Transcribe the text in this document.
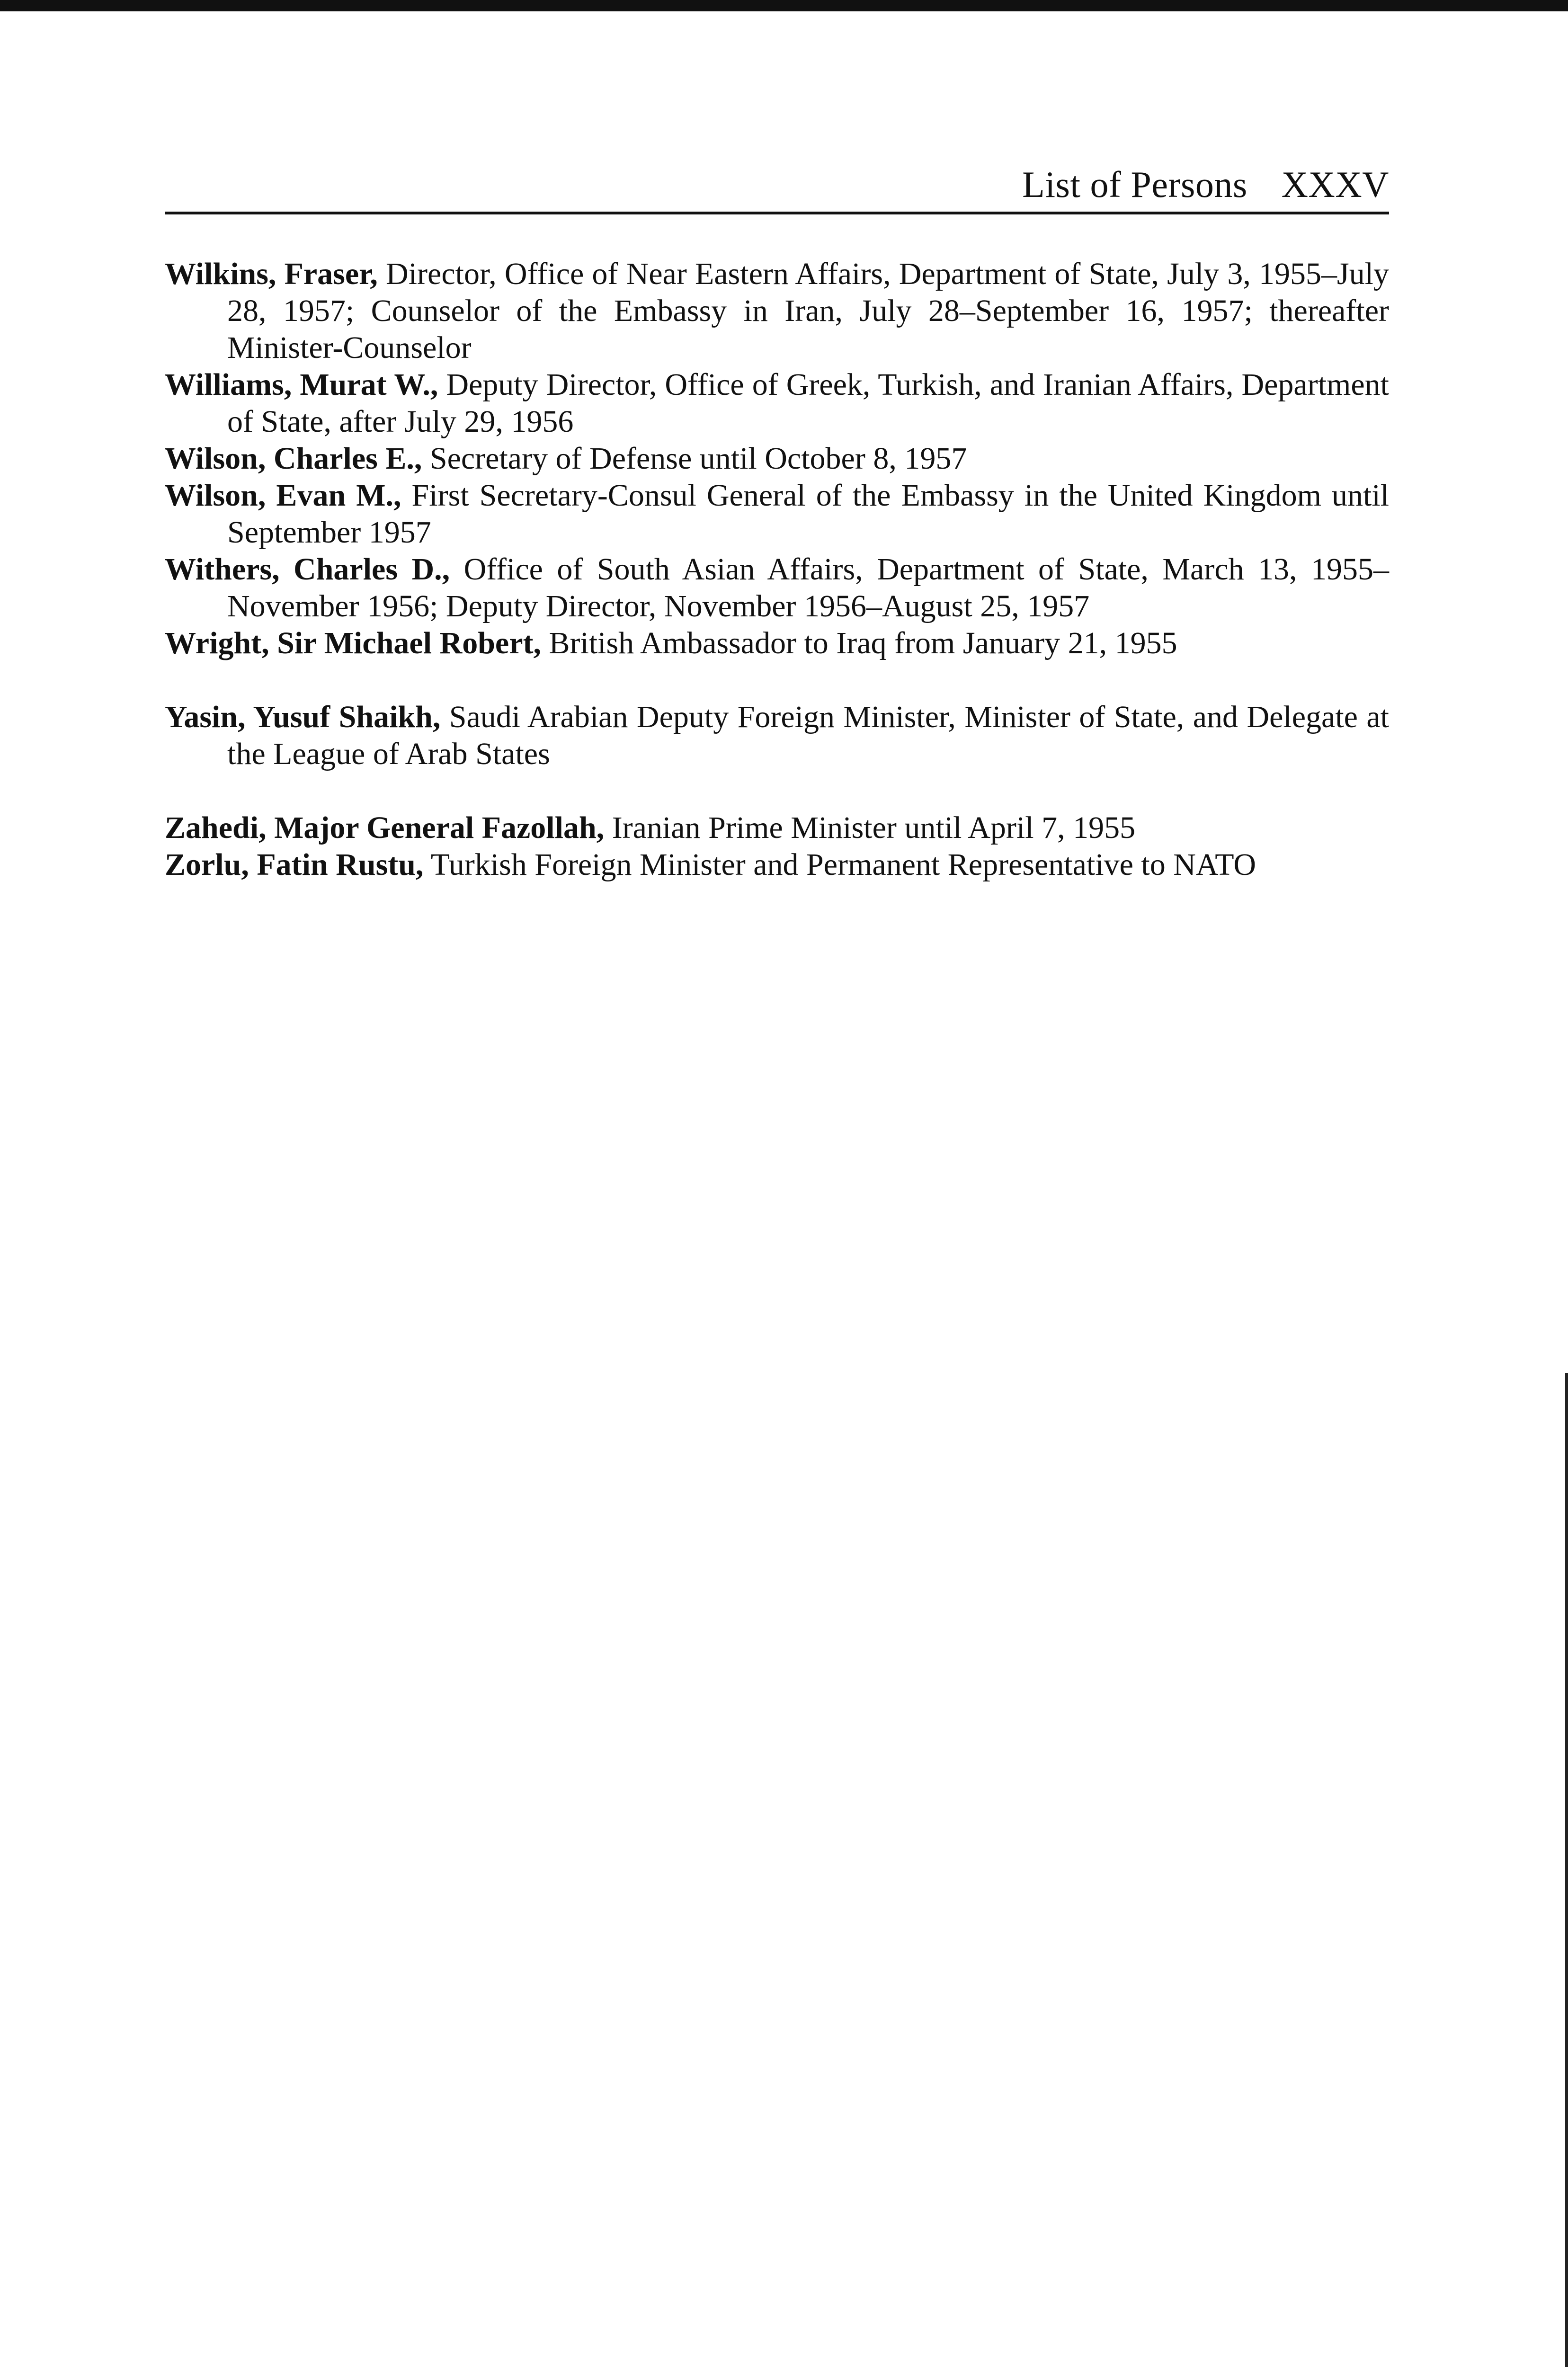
List of Persons XXXV

Wilkins, Fraser, Director, Office of Near Eastern Affairs, Department of State, July 3, 1955–July 28, 1957; Counselor of the Embassy in Iran, July 28–September 16, 1957; thereafter Minister-Counselor

Williams, Murat W., Deputy Director, Office of Greek, Turkish, and Iranian Affairs, Department of State, after July 29, 1956

Wilson, Charles E., Secretary of Defense until October 8, 1957

Wilson, Evan M., First Secretary-Consul General of the Embassy in the United Kingdom until September 1957

Withers, Charles D., Office of South Asian Affairs, Department of State, March 13, 1955–November 1956; Deputy Director, November 1956–August 25, 1957

Wright, Sir Michael Robert, British Ambassador to Iraq from January 21, 1955

Yasin, Yusuf Shaikh, Saudi Arabian Deputy Foreign Minister, Minister of State, and Delegate at the League of Arab States

Zahedi, Major General Fazollah, Iranian Prime Minister until April 7, 1955

Zorlu, Fatin Rustu, Turkish Foreign Minister and Permanent Representative to NATO
